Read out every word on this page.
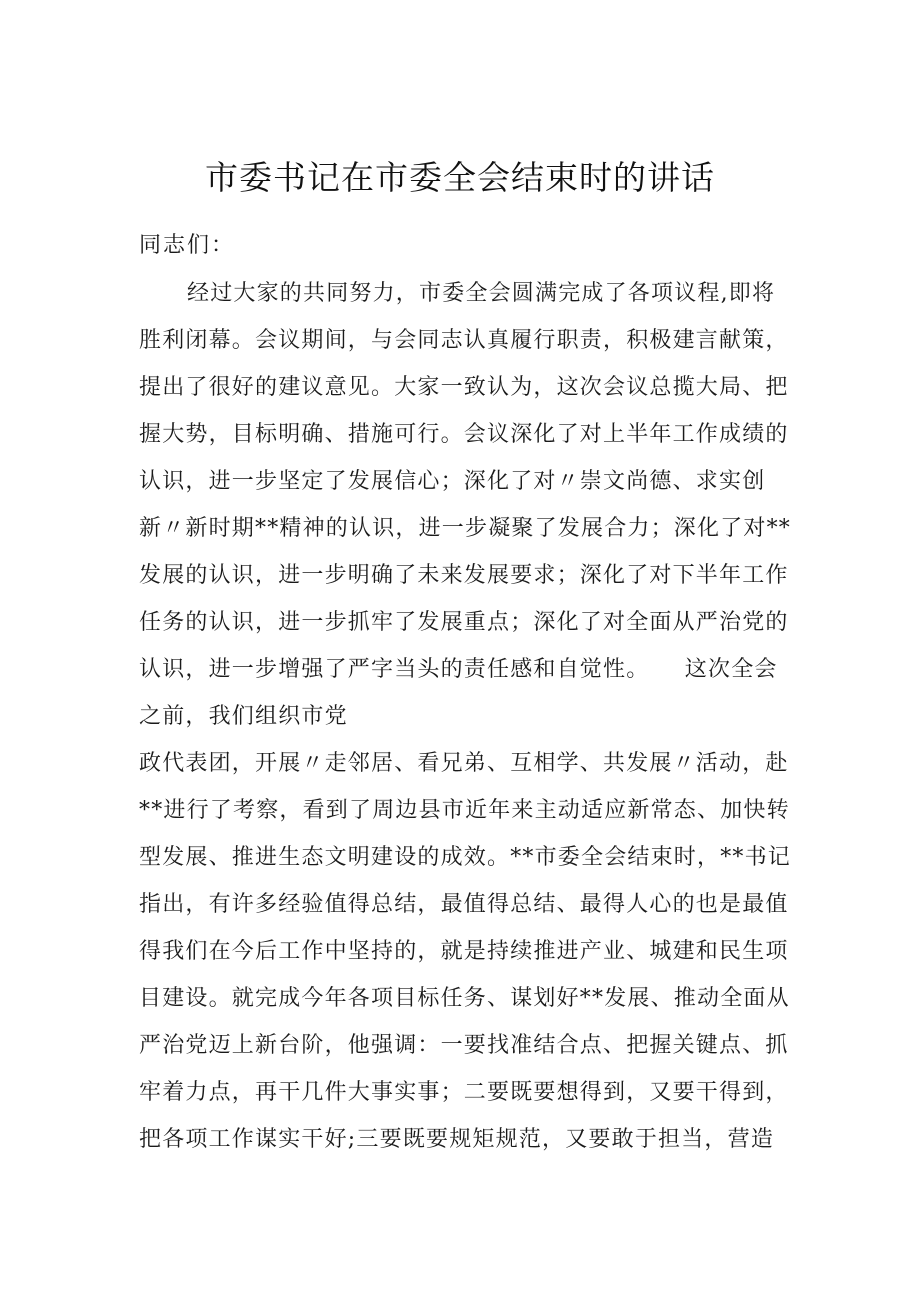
市委书记在市委全会结束时的讲话
同志们：
经过大家的共同努力，市委全会圆满完成了各项议程,即将
胜利闭幕。会议期间，与会同志认真履行职责，积极建言献策，
提出了很好的建议意见。大家一致认为，这次会议总揽大局、把
握大势，目标明确、措施可行。会议深化了对上半年工作成绩的
认识，进一步坚定了发展信心；深化了对〃崇文尚德、求实创
新〃新时期**精神的认识，进一步凝聚了发展合力；深化了对**
发展的认识，进一步明确了未来发展要求；深化了对下半年工作
任务的认识，进一步抓牢了发展重点；深化了对全面从严治党的
认识，进一步增强了严字当头的责任感和自觉性。　　这次全会
之前，我们组织市党
政代表团，开展〃走邻居、看兄弟、互相学、共发展〃活动，赴
**进行了考察，看到了周边县市近年来主动适应新常态、加快转
型发展、推进生态文明建设的成效。**市委全会结束时，**书记
指出，有许多经验值得总结，最值得总结、最得人心的也是最值
得我们在今后工作中坚持的，就是持续推进产业、城建和民生项
目建设。就完成今年各项目标任务、谋划好**发展、推动全面从
严治党迈上新台阶，他强调：一要找准结合点、把握关键点、抓
牢着力点，再干几件大事实事；二要既要想得到，又要干得到，
把各项工作谋实干好;三要既要规矩规范，又要敢于担当，营造
